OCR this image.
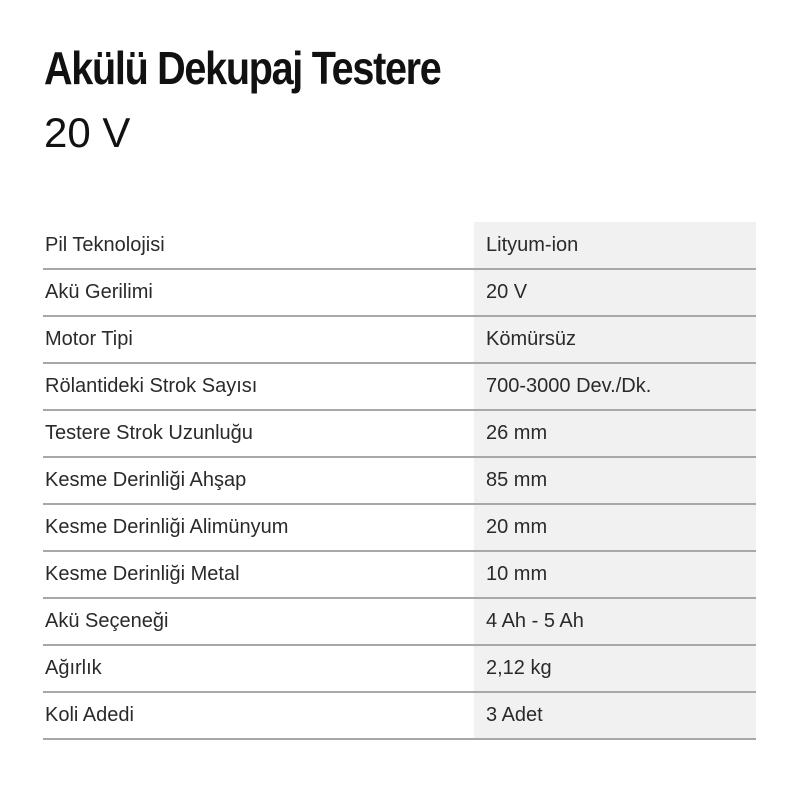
Akülü Dekupaj Testere
20 V
Pil Teknolojisi	Lityum-ion
Akü Gerilimi	20 V
Motor Tipi	Kömürsüz
Rölantideki Strok Sayısı	700-3000 Dev./Dk.
Testere Strok Uzunluğu	26 mm
Kesme Derinliği Ahşap	85 mm
Kesme Derinliği Alimünyum	20 mm
Kesme Derinliği Metal	10 mm
Akü Seçeneği	4 Ah - 5 Ah
Ağırlık	2,12 kg
Koli Adedi	3 Adet
